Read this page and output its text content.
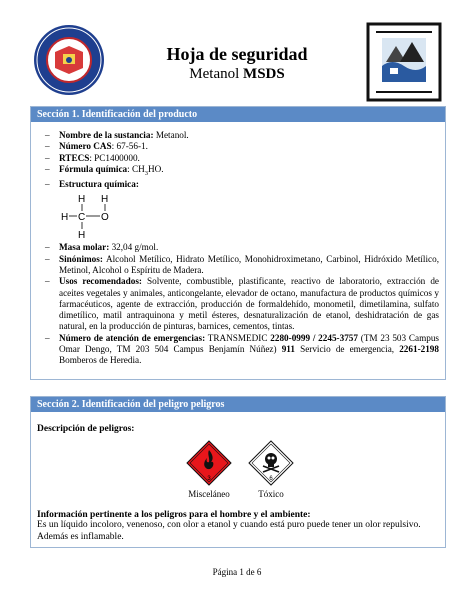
Hoja de seguridad
Metanol MSDS
Sección 1. Identificación del producto
– Nombre de la sustancia: Metanol.
– Número CAS: 67-56-1.
– RTECS: PC1400000.
– Fórmula química: $CH_3HO$.
– Estructura química:
H
H C O
H
H
– Masa molar: 32,04 g/mol.
– Sinónimos: Alcohol Metílico, Hidrato Metílico, Monohidroximetano, Carbinol, Hidróxido Metílico, Metinol, Alcohol o Espíritu de Madera.
– Usos recomendados: Solvente, combustible, plastificante, reactivo de laboratorio, extracción de aceites vegetales y animales, anticongelante, elevador de octano, manufactura de productos químicos y farmacéuticos, agente de extracción, producción de formaldehído, monometil, dimetilamina, sulfato dimetílico, matil antraquinona y metil ésteres, desnaturalización de etanol, deshidratación de gas natural, en la producción de pinturas, barnices, cementos, tintas.
– Número de atención de emergencias: TRANSMEDIC 2280-0999 / 2245-3757 (TM 23 503 Campus Omar Dengo, TM 203 504 Campus Benjamín Núñez) 911 Servicio de emergencia, 2261-2198 Bomberos de Heredia.
Sección 2. Identificación del peligro peligros
Descripción de peligros:
3
Misceláneo
6
Tóxico
Información pertinente a los peligros para el hombre y el ambiente:
Es un líquido incoloro, venenoso, con olor a etanol y cuando está puro puede tener un olor repulsivo.
Además es inflamable.
Página 1 de 6
